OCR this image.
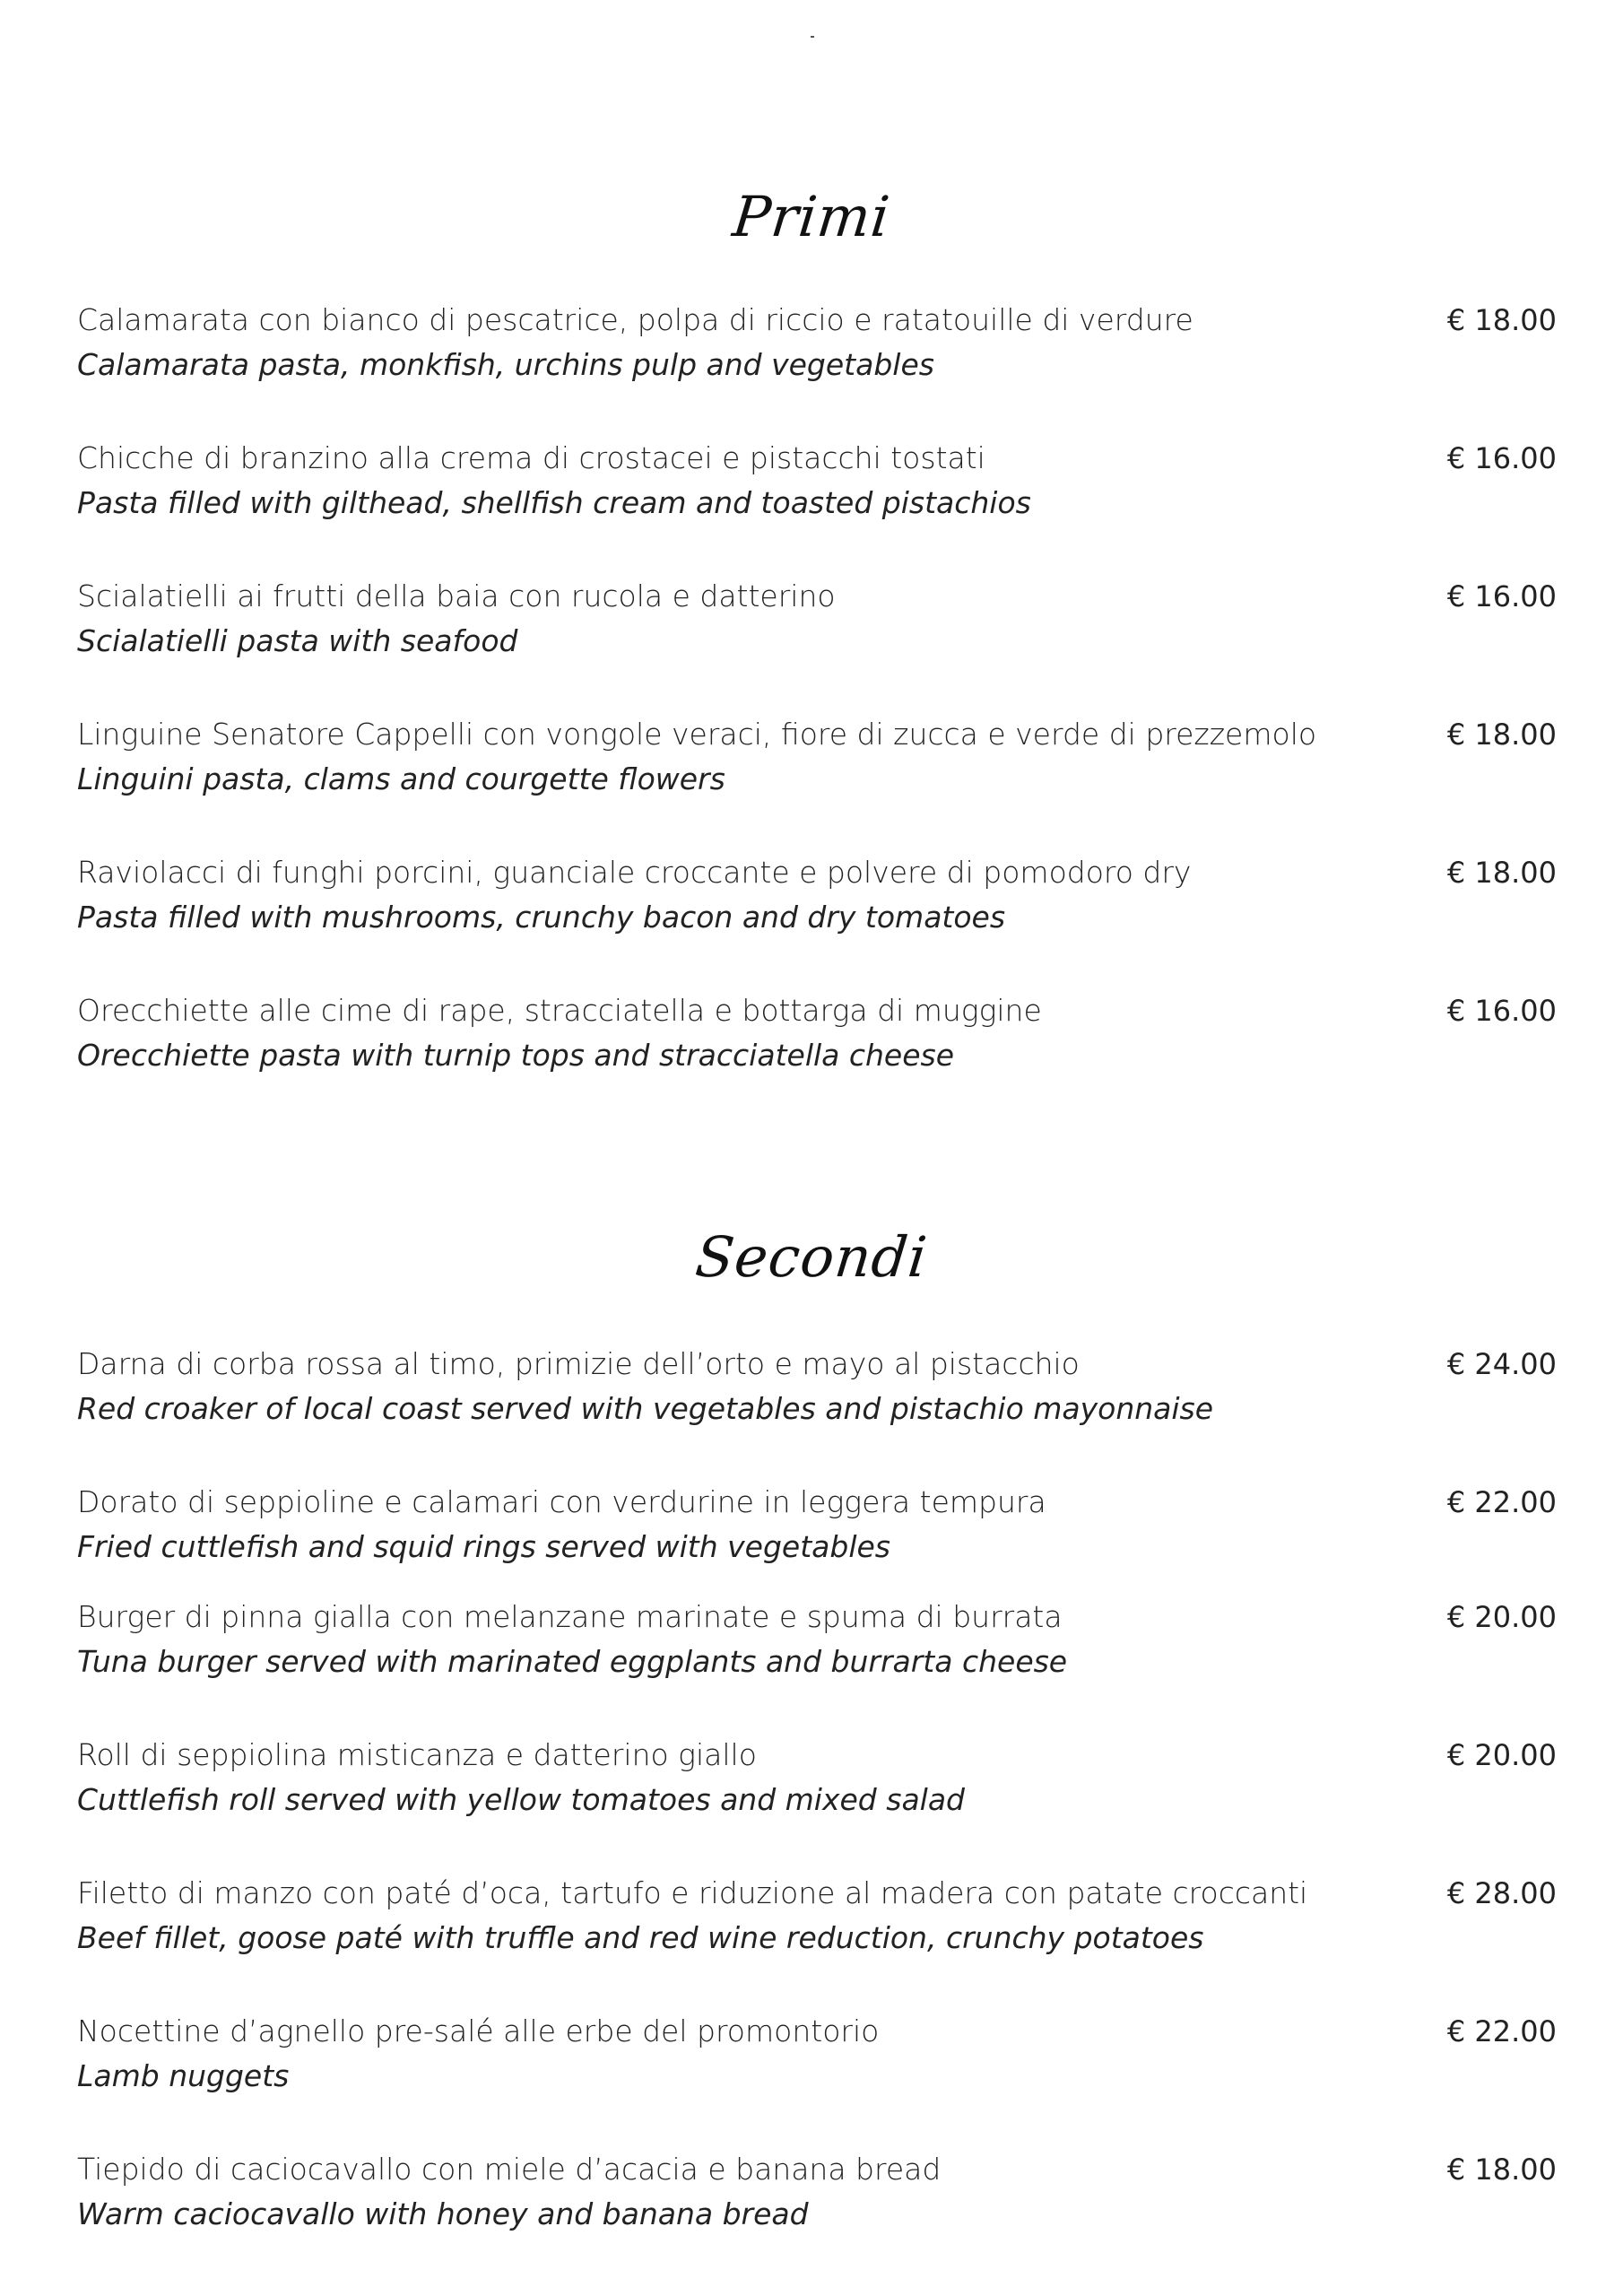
Primi
Calamarata con bianco di pescatrice, polpa di riccio e ratatouille di verdure
Calamarata pasta, monkfish, urchins pulp and vegetables
€ 18.00
Chicche di branzino alla crema di crostacei e pistacchi tostati
Pasta filled with gilthead, shellfish cream and toasted pistachios
€ 16.00
Scialatielli ai frutti della baia con rucola e datterino
Scialatielli pasta with seafood
€ 16.00
Linguine Senatore Cappelli con vongole veraci, fiore di zucca e verde di prezzemolo
Linguini pasta, clams and courgette flowers
€ 18.00
Raviolacci di funghi porcini, guanciale croccante e polvere di pomodoro dry
Pasta filled with mushrooms, crunchy bacon and dry tomatoes
€ 18.00
Orecchiette alle cime di rape, stracciatella e bottarga di muggine
Orecchiette pasta with turnip tops and stracciatella cheese
€ 16.00
Secondi
Darna di corba rossa al timo, primizie dell’orto e mayo al pistacchio
Red croaker of local coast served with vegetables and pistachio mayonnaise
€ 24.00
Dorato di seppioline e calamari con verdurine in leggera tempura
Fried cuttlefish and squid rings served with vegetables
€ 22.00
Burger di pinna gialla con melanzane marinate e spuma di burrata
Tuna burger served with marinated eggplants and burrarta cheese
€ 20.00
Roll di seppiolina misticanza e datterino giallo
Cuttlefish roll served with yellow tomatoes and mixed salad
€ 20.00
Filetto di manzo con paté d’oca, tartufo e riduzione al madera con patate croccanti
Beef fillet, goose paté with truffle and red wine reduction, crunchy potatoes
€ 28.00
Nocettine d’agnello pre-salé alle erbe del promontorio
Lamb nuggets
€ 22.00
Tiepido di caciocavallo con miele d’acacia e banana bread
Warm caciocavallo with honey and banana bread
€ 18.00
